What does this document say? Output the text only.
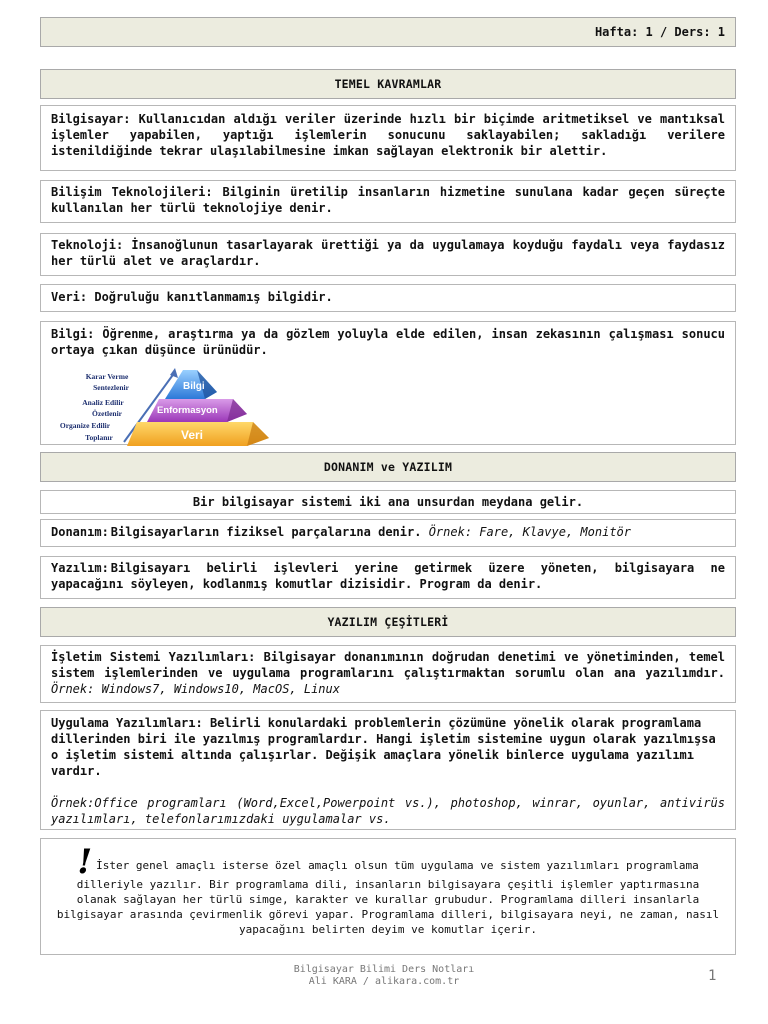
Hafta: 1 / Ders: 1
TEMEL KAVRAMLAR
Bilgisayar: Kullanıcıdan aldığı veriler üzerinde hızlı bir biçimde aritmetiksel ve mantıksal işlemler yapabilen, yaptığı işlemlerin sonucunu saklayabilen; sakladığı verilere istenildiğinde tekrar ulaşılabilmesine imkan sağlayan elektronik bir alettir.
Bilişim Teknolojileri: Bilginin üretilip insanların hizmetine sunulana kadar geçen süreçte kullanılan her türlü teknolojiye denir.
Teknoloji: İnsanoğlunun tasarlayarak ürettiği ya da uygulamaya koyduğu faydalı veya faydasız her türlü alet ve araçlardır.
Veri: Doğruluğu kanıtlanmamış bilgidir.
Bilgi: Öğrenme, araştırma ya da gözlem yoluyla elde edilen, insan zekasının çalışması sonucu ortaya çıkan düşünce ürünüdür.
Bilgi
Enformasyon
Veri
Karar Verme
Sentezlenir
Analiz Edilir
Özetlenir
Organize Edilir
Toplanır
DONANIM ve YAZILIM
Bir bilgisayar sistemi iki ana unsurdan meydana gelir.
Donanım: Bilgisayarların fiziksel parçalarına denir. Örnek: Fare, Klavye, Monitör
Yazılım: Bilgisayarı belirli işlevleri yerine getirmek üzere yöneten, bilgisayara ne yapacağını söyleyen, kodlanmış komutlar dizisidir. Program da denir.
YAZILIM ÇEŞİTLERİ
İşletim Sistemi Yazılımları: Bilgisayar donanımının doğrudan denetimi ve yönetiminden, temel sistem işlemlerinden ve uygulama programlarını çalıştırmaktan sorumlu olan ana yazılımdır. Örnek: Windows7, Windows10, MacOS, Linux
Uygulama Yazılımları: Belirli konulardaki problemlerin çözümüne yönelik olarak programlama dillerinden biri ile yazılmış programlardır. Hangi işletim sistemine uygun olarak yazılmışsa o işletim sistemi altında çalışırlar. Değişik amaçlara yönelik binlerce uygulama yazılımı vardır.
Örnek:Office programları (Word,Excel,Powerpoint vs.), photoshop, winrar, oyunlar, antivirüs yazılımları, telefonlarımızdaki uygulamalar vs.
! İster genel amaçlı isterse özel amaçlı olsun tüm uygulama ve sistem yazılımları programlama dilleriyle yazılır. Bir programlama dili, insanların bilgisayara çeşitli işlemler yaptırmasına olanak sağlayan her türlü simge, karakter ve kurallar grubudur. Programlama dilleri insanlarla bilgisayar arasında çevirmenlik görevi yapar. Programlama dilleri, bilgisayara neyi, ne zaman, nasıl yapacağını belirten deyim ve komutlar içerir.
Bilgisayar Bilimi Ders Notları
Ali KARA / alikara.com.tr	1
